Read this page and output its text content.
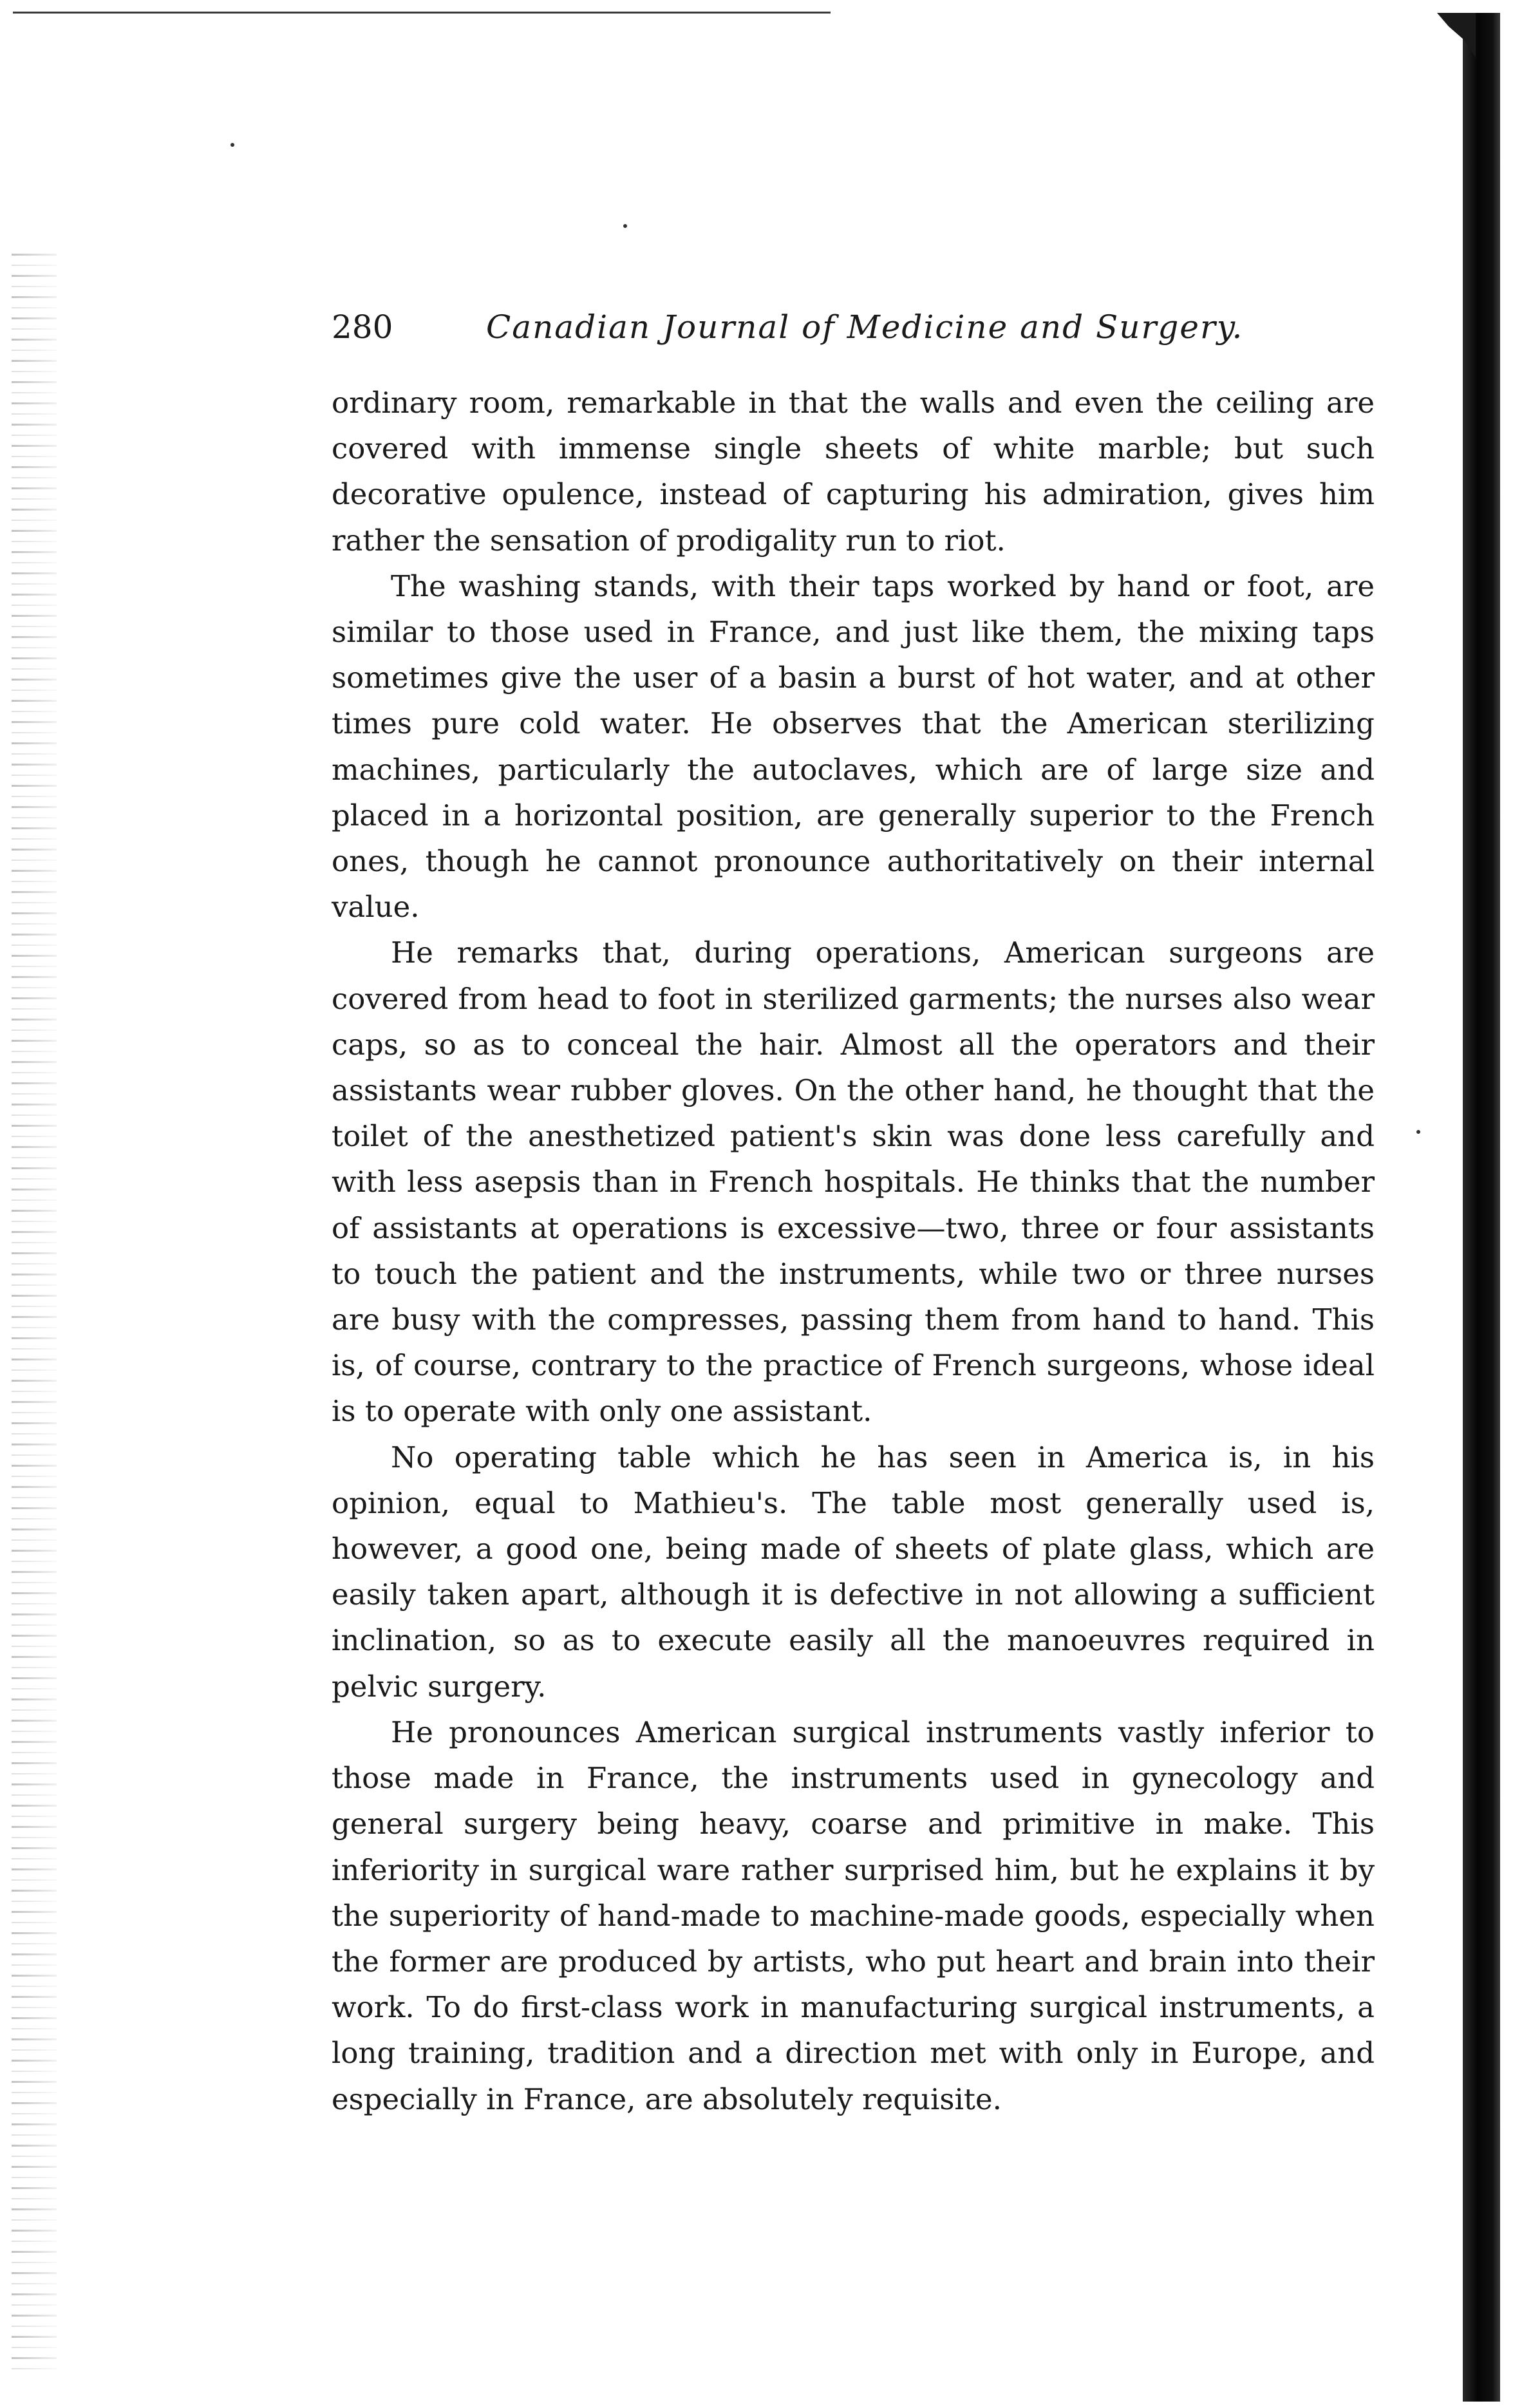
280	Canadian Journal of Medicine and Surgery.

ordinary room, remarkable in that the walls and even the ceiling are covered with immense single sheets of white marble; but such decorative opulence, instead of capturing his admiration, gives him rather the sensation of prodigality run to riot.

The washing stands, with their taps worked by hand or foot, are similar to those used in France, and just like them, the mixing taps sometimes give the user of a basin a burst of hot water, and at other times pure cold water. He observes that the American sterilizing machines, particularly the autoclaves, which are of large size and placed in a horizontal position, are generally superior to the French ones, though he cannot pronounce authoritatively on their internal value.

He remarks that, during operations, American surgeons are covered from head to foot in sterilized garments; the nurses also wear caps, so as to conceal the hair. Almost all the operators and their assistants wear rubber gloves. On the other hand, he thought that the toilet of the anesthetized patient's skin was done less carefully and with less asepsis than in French hospitals. He thinks that the number of assistants at operations is excessive—two, three or four assistants to touch the patient and the instruments, while two or three nurses are busy with the compresses, passing them from hand to hand. This is, of course, contrary to the practice of French surgeons, whose ideal is to operate with only one assistant.

No operating table which he has seen in America is, in his opinion, equal to Mathieu's. The table most generally used is, however, a good one, being made of sheets of plate glass, which are easily taken apart, although it is defective in not allowing a sufficient inclination, so as to execute easily all the manoeuvres required in pelvic surgery.

He pronounces American surgical instruments vastly inferior to those made in France, the instruments used in gynecology and general surgery being heavy, coarse and primitive in make. This inferiority in surgical ware rather surprised him, but he explains it by the superiority of hand-made to machine-made goods, especially when the former are produced by artists, who put heart and brain into their work. To do first-class work in manufacturing surgical instruments, a long training, tradition and a direction met with only in Europe, and especially in France, are absolutely requisite.
